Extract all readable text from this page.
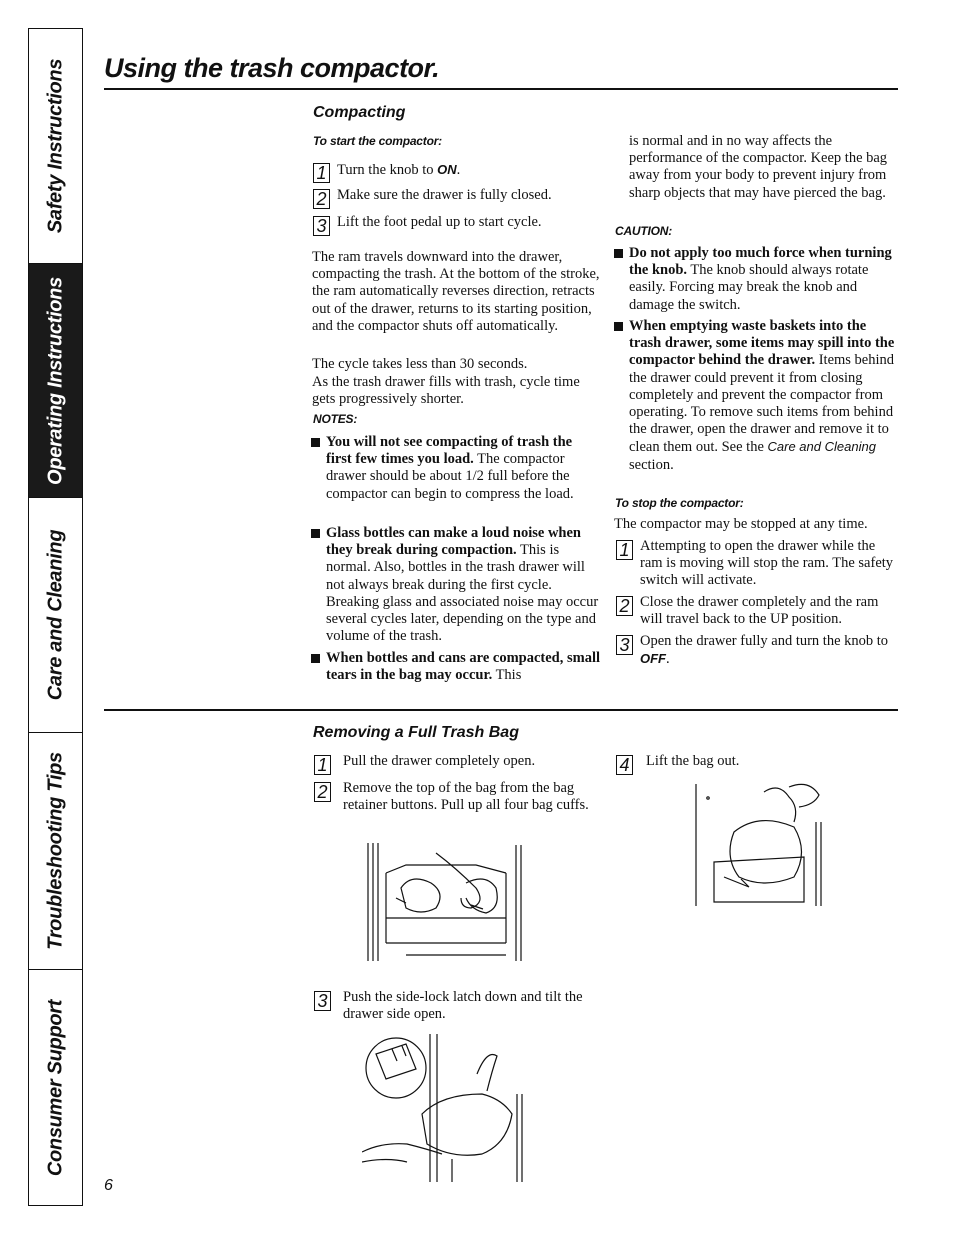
Safety Instructions
Operating Instructions
Care and Cleaning
Troubleshooting Tips
Consumer Support
Using the trash compactor.
Compacting
To start the compactor:
1 Turn the knob to ON.
2 Make sure the drawer is fully closed.
3 Lift the foot pedal up to start cycle.

The ram travels downward into the drawer, compacting the trash. At the bottom of the stroke, the ram automatically reverses direction, retracts out of the drawer, returns to its starting position, and the compactor shuts off automatically.

The cycle takes less than 30 seconds.

As the trash drawer fills with trash, cycle time gets progressively shorter.

NOTES:
You will not see compacting of trash the first few times you load. The compactor drawer should be about 1/2 full before the compactor can begin to compress the load.
Glass bottles can make a loud noise when they break during compaction. This is normal. Also, bottles in the trash drawer will not always break during the first cycle. Breaking glass and associated noise may occur several cycles later, depending on the type and volume of the trash.
When bottles and cans are compacted, small tears in the bag may occur. This

is normal and in no way affects the performance of the compactor. Keep the bag away from your body to prevent injury from sharp objects that may have pierced the bag.

CAUTION:
Do not apply too much force when turning the knob. The knob should always rotate easily. Forcing may break the knob and damage the switch.
When emptying waste baskets into the trash drawer, some items may spill into the compactor behind the drawer. Items behind the drawer could prevent it from closing completely and prevent the compactor from operating. To remove such items from behind the drawer, open the drawer and remove it to clean them out. See the Care and Cleaning section.
To stop the compactor:

The compactor may be stopped at any time.

1 Attempting to open the drawer while the ram is moving will stop the ram. The safety switch will activate.
2 Close the drawer completely and the ram will travel back to the UP position.
3 Open the drawer fully and turn the knob to OFF.
Removing a Full Trash Bag
1 Pull the drawer completely open.
2 Remove the top of the bag from the bag retainer buttons. Pull up all four bag cuffs.
3 Push the side-lock latch down and tilt the drawer side open.
4 Lift the bag out.
6
